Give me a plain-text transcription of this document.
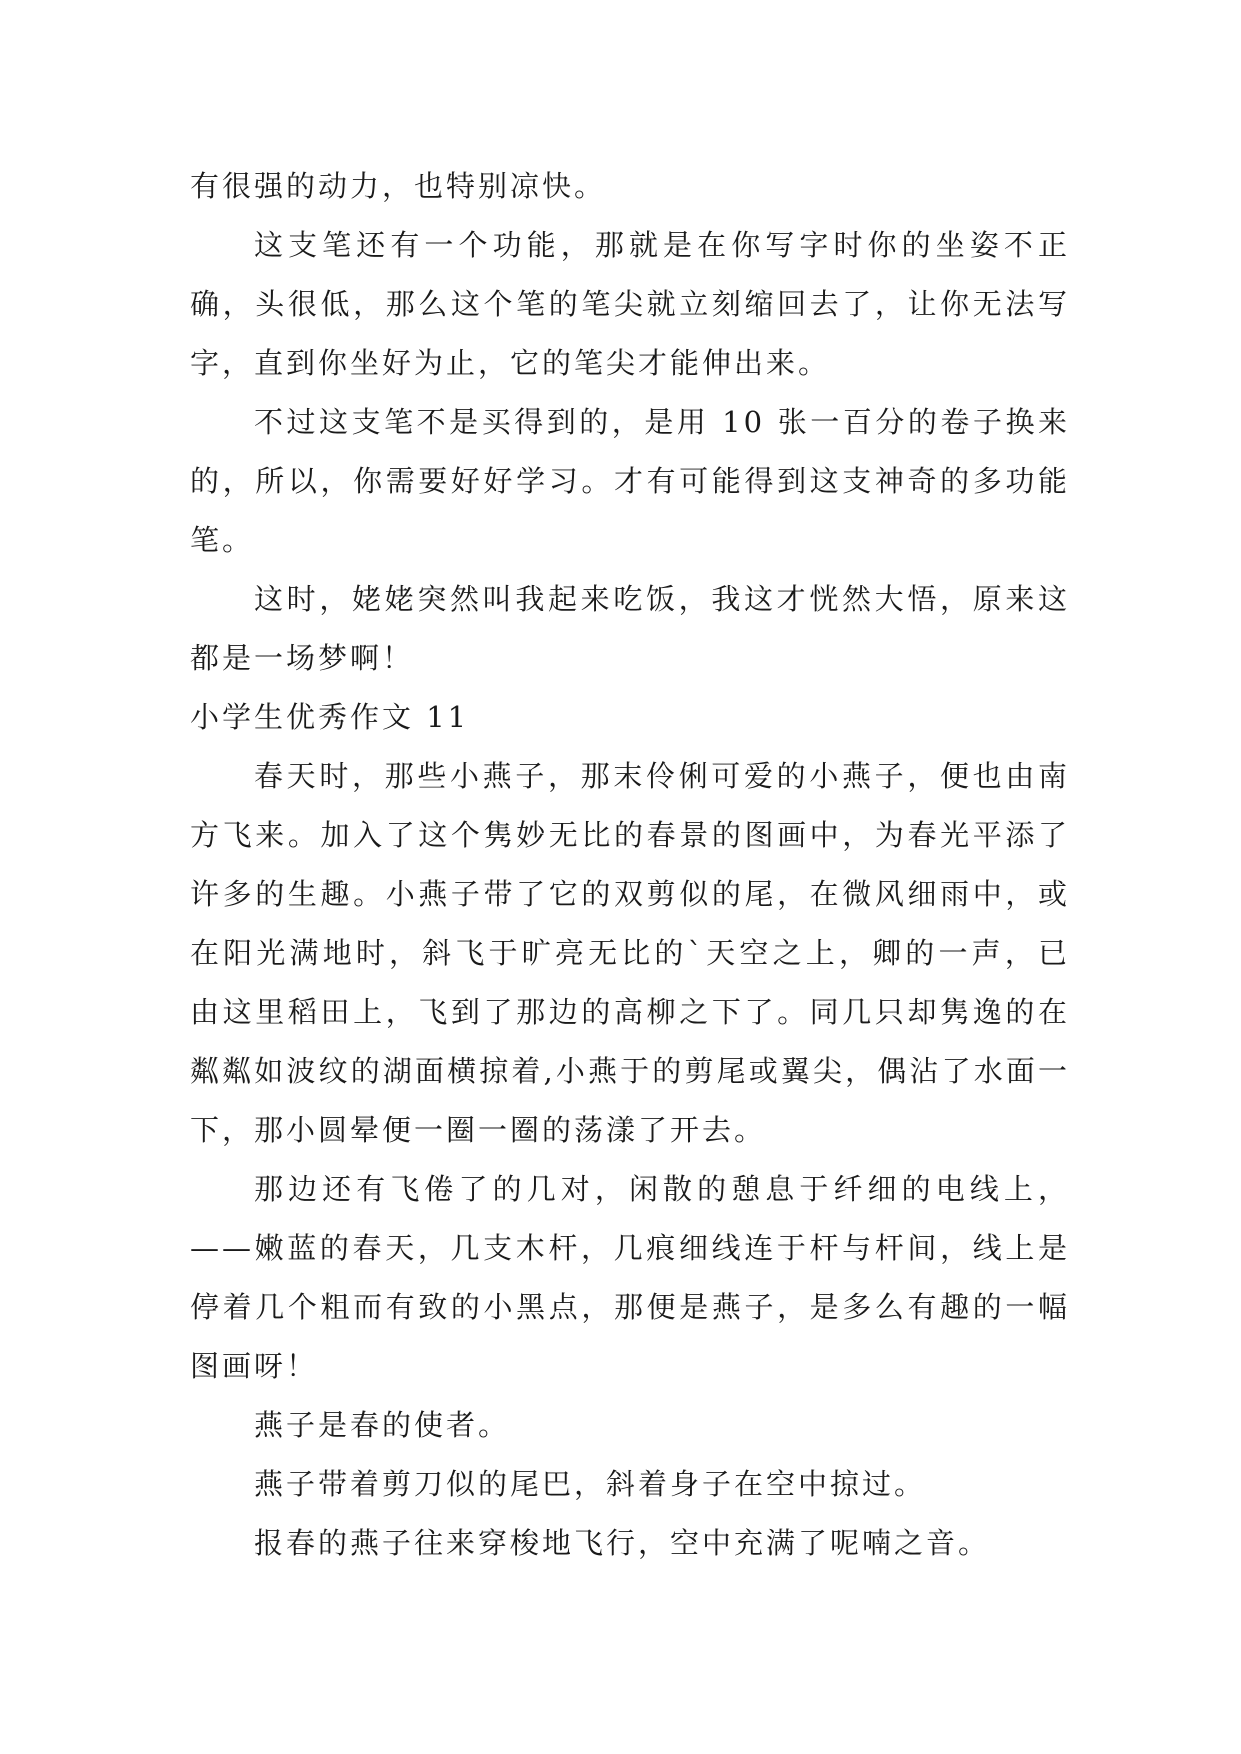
有很强的动力，也特别凉快。

这支笔还有一个功能，那就是在你写字时你的坐姿不正确，头很低，那么这个笔的笔尖就立刻缩回去了，让你无法写字，直到你坐好为止，它的笔尖才能伸出来。

不过这支笔不是买得到的，是用 10 张一百分的卷子换来的，所以，你需要好好学习。才有可能得到这支神奇的多功能笔。

这时，姥姥突然叫我起来吃饭，我这才恍然大悟，原来这都是一场梦啊！

小学生优秀作文 11

春天时，那些小燕子，那末伶俐可爱的小燕子，便也由南方飞来。加入了这个隽妙无比的春景的图画中，为春光平添了许多的生趣。小燕子带了它的双剪似的尾，在微风细雨中，或在阳光满地时，斜飞于旷亮无比的`天空之上，卿的一声，已由这里稻田上，飞到了那边的高柳之下了。同几只却隽逸的在粼粼如波纹的湖面横掠着,小燕于的剪尾或翼尖，偶沾了水面一下，那小圆晕便一圈一圈的荡漾了开去。

那边还有飞倦了的几对，闲散的憩息于纤细的电线上，——嫩蓝的春天，几支木杆，几痕细线连于杆与杆间，线上是停着几个粗而有致的小黑点，那便是燕子，是多么有趣的一幅图画呀！

燕子是春的使者。

燕子带着剪刀似的尾巴，斜着身子在空中掠过。

报春的燕子往来穿梭地飞行，空中充满了呢喃之音。
